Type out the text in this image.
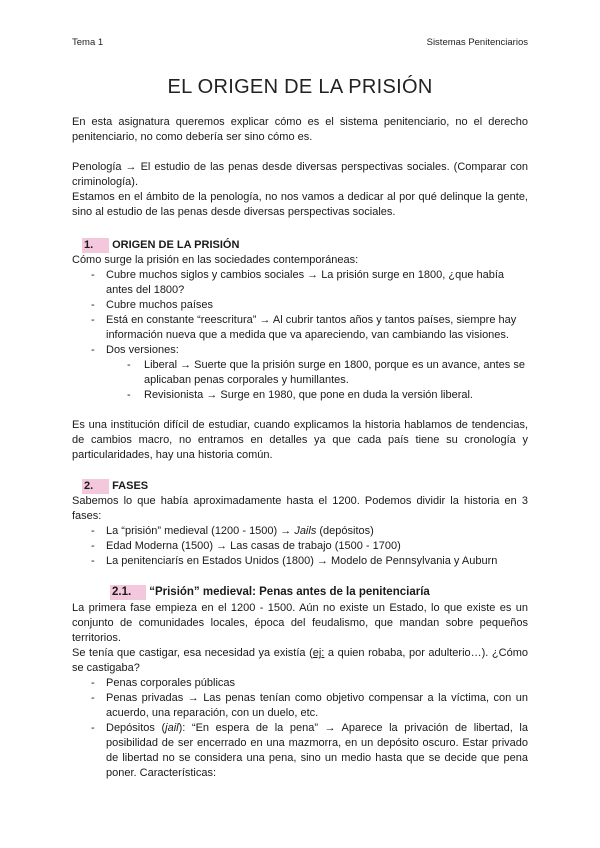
Tema 1	Sistemas Penitenciarios
EL ORIGEN DE LA PRISIÓN

En esta asignatura queremos explicar cómo es el sistema penitenciario, no el derecho penitenciario, no como debería ser sino cómo es.

Penología → El estudio de las penas desde diversas perspectivas sociales. (Comparar con criminología).

Estamos en el ámbito de la penología, no nos vamos a dedicar al por qué delinque la gente, sino al estudio de las penas desde diversas perspectivas sociales.

1. ORIGEN DE LA PRISIÓN

Cómo surge la prisión en las sociedades contemporáneas:

- Cubre muchos siglos y cambios sociales → La prisión surge en 1800, ¿que había antes del 1800?
- Cubre muchos países
- Está en constante “reescritura” → Al cubrir tantos años y tantos países, siempre hay información nueva que a medida que va apareciendo, van cambiando las visiones.
- Dos versiones:
- Liberal → Suerte que la prisión surge en 1800, porque es un avance, antes se aplicaban penas corporales y humillantes.
- Revisionista → Surge en 1980, que pone en duda la versión liberal.

Es una institución difícil de estudiar, cuando explicamos la historia hablamos de tendencias, de cambios macro, no entramos en detalles ya que cada país tiene su cronología y particularidades, hay una historia común.

2. FASES

Sabemos lo que había aproximadamente hasta el 1200. Podemos dividir la historia en 3 fases:

- La “prisión” medieval (1200 - 1500) → Jails (depósitos)
- Edad Moderna (1500) → Las casas de trabajo (1500 - 1700)
- La penitenciarís en Estados Unidos (1800) → Modelo de Pennsylvania y Auburn
2.1. “Prisión” medieval: Penas antes de la penitenciaría

La primera fase empieza en el 1200 - 1500. Aún no existe un Estado, lo que existe es un conjunto de comunidades locales, época del feudalismo, que mandan sobre pequeños territorios.

Se tenía que castigar, esa necesidad ya existía (ej: a quien robaba, por adulterio…). ¿Cómo se castigaba?

- Penas corporales públicas
- Penas privadas → Las penas tenían como objetivo compensar a la víctima, con un acuerdo, una reparación, con un duelo, etc.
- Depósitos (jail): “En espera de la pena” → Aparece la privación de libertad, la posibilidad de ser encerrado en una mazmorra, en un depósito oscuro. Estar privado de libertad no se considera una pena, sino un medio hasta que se decide que pena poner. Características:
